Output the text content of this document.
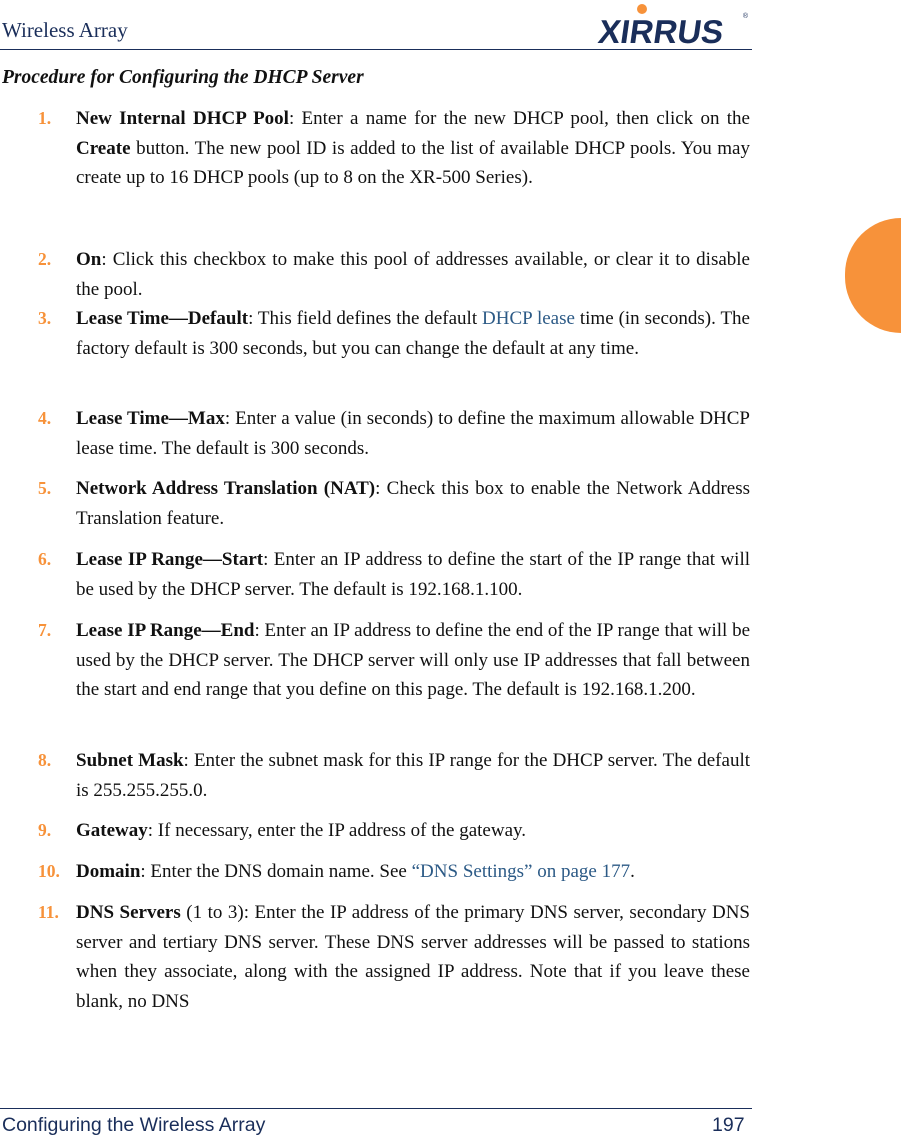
Wireless Array	XIRRUS ®
Procedure for Configuring the DHCP Server
1. New Internal DHCP Pool: Enter a name for the new DHCP pool, then click on the Create button. The new pool ID is added to the list of available DHCP pools. You may create up to 16 DHCP pools (up to 8 on the XR-500 Series).
2. On: Click this checkbox to make this pool of addresses available, or clear it to disable the pool.
3. Lease Time—Default: This field defines the default DHCP lease time (in seconds). The factory default is 300 seconds, but you can change the default at any time.
4. Lease Time—Max: Enter a value (in seconds) to define the maximum allowable DHCP lease time. The default is 300 seconds.
5. Network Address Translation (NAT): Check this box to enable the Network Address Translation feature.
6. Lease IP Range—Start: Enter an IP address to define the start of the IP range that will be used by the DHCP server. The default is 192.168.1.100.
7. Lease IP Range—End: Enter an IP address to define the end of the IP range that will be used by the DHCP server. The DHCP server will only use IP addresses that fall between the start and end range that you define on this page. The default is 192.168.1.200.
8. Subnet Mask: Enter the subnet mask for this IP range for the DHCP server. The default is 255.255.255.0.
9. Gateway: If necessary, enter the IP address of the gateway.
10. Domain: Enter the DNS domain name. See “DNS Settings” on page 177.
11. DNS Servers (1 to 3): Enter the IP address of the primary DNS server, secondary DNS server and tertiary DNS server. These DNS server addresses will be passed to stations when they associate, along with the assigned IP address. Note that if you leave these blank, no DNS
Configuring the Wireless Array	197
